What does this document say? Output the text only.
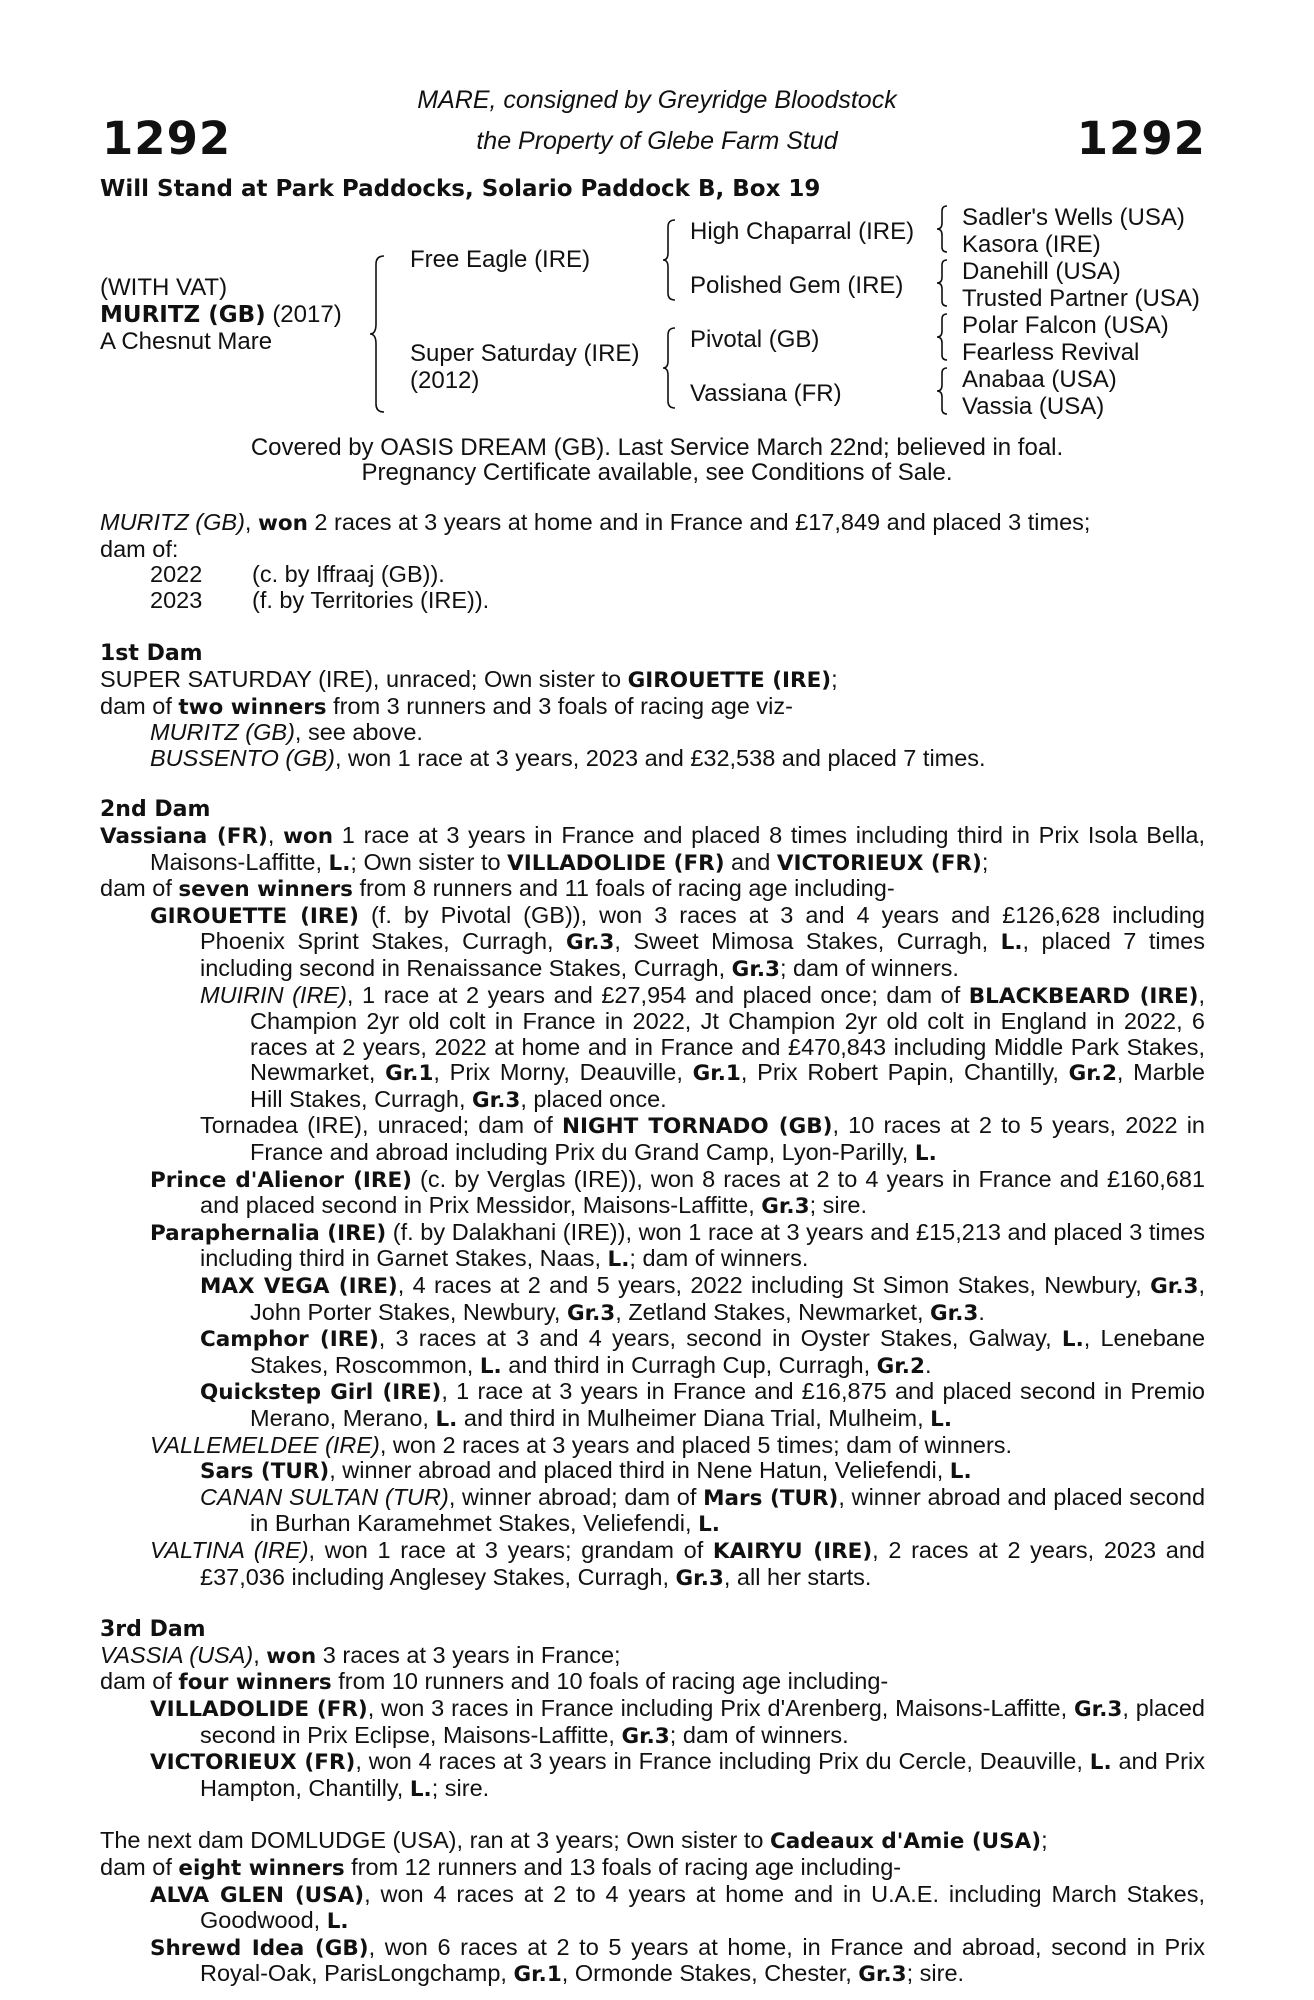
1292	1292
MARE, consigned by Greyridge Bloodstock
the Property of Glebe Farm Stud
Will Stand at Park Paddocks, Solario Paddock B, Box 19
(WITH VAT)
MURITZ (GB) (2017)
A Chesnut Mare
Free Eagle (IRE)
Super Saturday (IRE)
(2012)
High Chaparral (IRE)
Polished Gem (IRE)
Pivotal (GB)
Vassiana (FR)
Sadler's Wells (USA)
Kasora (IRE)
Danehill (USA)
Trusted Partner (USA)
Polar Falcon (USA)
Fearless Revival
Anabaa (USA)
Vassia (USA)
Covered by OASIS DREAM (GB). Last Service March 22nd; believed in foal.
Pregnancy Certificate available, see Conditions of Sale.

MURITZ (GB), won 2 races at 3 years at home and in France and £17,849 and placed 3 times;

dam of:

2022 (c. by Iffraaj (GB)).

2023 (f. by Territories (IRE)).

1st Dam

SUPER SATURDAY (IRE), unraced; Own sister to GIROUETTE (IRE);

dam of two winners from 3 runners and 3 foals of racing age viz-

MURITZ (GB), see above.

BUSSENTO (GB), won 1 race at 3 years, 2023 and £32,538 and placed 7 times.

2nd Dam

Vassiana (FR), won 1 race at 3 years in France and placed 8 times including third in Prix Isola Bella, Maisons-Laffitte, L.; Own sister to VILLADOLIDE (FR) and VICTORIEUX (FR);

dam of seven winners from 8 runners and 11 foals of racing age including-

GIROUETTE (IRE) (f. by Pivotal (GB)), won 3 races at 3 and 4 years and £126,628 including Phoenix Sprint Stakes, Curragh, Gr.3, Sweet Mimosa Stakes, Curragh, L., placed 7 times including second in Renaissance Stakes, Curragh, Gr.3; dam of winners.

MUIRIN (IRE), 1 race at 2 years and £27,954 and placed once; dam of BLACKBEARD (IRE), Champion 2yr old colt in France in 2022, Jt Champion 2yr old colt in England in 2022, 6 races at 2 years, 2022 at home and in France and £470,843 including Middle Park Stakes, Newmarket, Gr.1, Prix Morny, Deauville, Gr.1, Prix Robert Papin, Chantilly, Gr.2, Marble Hill Stakes, Curragh, Gr.3, placed once.

Tornadea (IRE), unraced; dam of NIGHT TORNADO (GB), 10 races at 2 to 5 years, 2022 in France and abroad including Prix du Grand Camp, Lyon-Parilly, L.

Prince d'Alienor (IRE) (c. by Verglas (IRE)), won 8 races at 2 to 4 years in France and £160,681 and placed second in Prix Messidor, Maisons-Laffitte, Gr.3; sire.

Paraphernalia (IRE) (f. by Dalakhani (IRE)), won 1 race at 3 years and £15,213 and placed 3 times including third in Garnet Stakes, Naas, L.; dam of winners.

MAX VEGA (IRE), 4 races at 2 and 5 years, 2022 including St Simon Stakes, Newbury, Gr.3, John Porter Stakes, Newbury, Gr.3, Zetland Stakes, Newmarket, Gr.3.

Camphor (IRE), 3 races at 3 and 4 years, second in Oyster Stakes, Galway, L., Lenebane Stakes, Roscommon, L. and third in Curragh Cup, Curragh, Gr.2.

Quickstep Girl (IRE), 1 race at 3 years in France and £16,875 and placed second in Premio Merano, Merano, L. and third in Mulheimer Diana Trial, Mulheim, L.

VALLEMELDEE (IRE), won 2 races at 3 years and placed 5 times; dam of winners.

Sars (TUR), winner abroad and placed third in Nene Hatun, Veliefendi, L.

CANAN SULTAN (TUR), winner abroad; dam of Mars (TUR), winner abroad and placed second in Burhan Karamehmet Stakes, Veliefendi, L.

VALTINA (IRE), won 1 race at 3 years; grandam of KAIRYU (IRE), 2 races at 2 years, 2023 and £37,036 including Anglesey Stakes, Curragh, Gr.3, all her starts.

3rd Dam

VASSIA (USA), won 3 races at 3 years in France;

dam of four winners from 10 runners and 10 foals of racing age including-

VILLADOLIDE (FR), won 3 races in France including Prix d'Arenberg, Maisons-Laffitte, Gr.3, placed second in Prix Eclipse, Maisons-Laffitte, Gr.3; dam of winners.

VICTORIEUX (FR), won 4 races at 3 years in France including Prix du Cercle, Deauville, L. and Prix Hampton, Chantilly, L.; sire.

The next dam DOMLUDGE (USA), ran at 3 years; Own sister to Cadeaux d'Amie (USA);

dam of eight winners from 12 runners and 13 foals of racing age including-

ALVA GLEN (USA), won 4 races at 2 to 4 years at home and in U.A.E. including March Stakes, Goodwood, L.

Shrewd Idea (GB), won 6 races at 2 to 5 years at home, in France and abroad, second in Prix Royal-Oak, ParisLongchamp, Gr.1, Ormonde Stakes, Chester, Gr.3; sire.
